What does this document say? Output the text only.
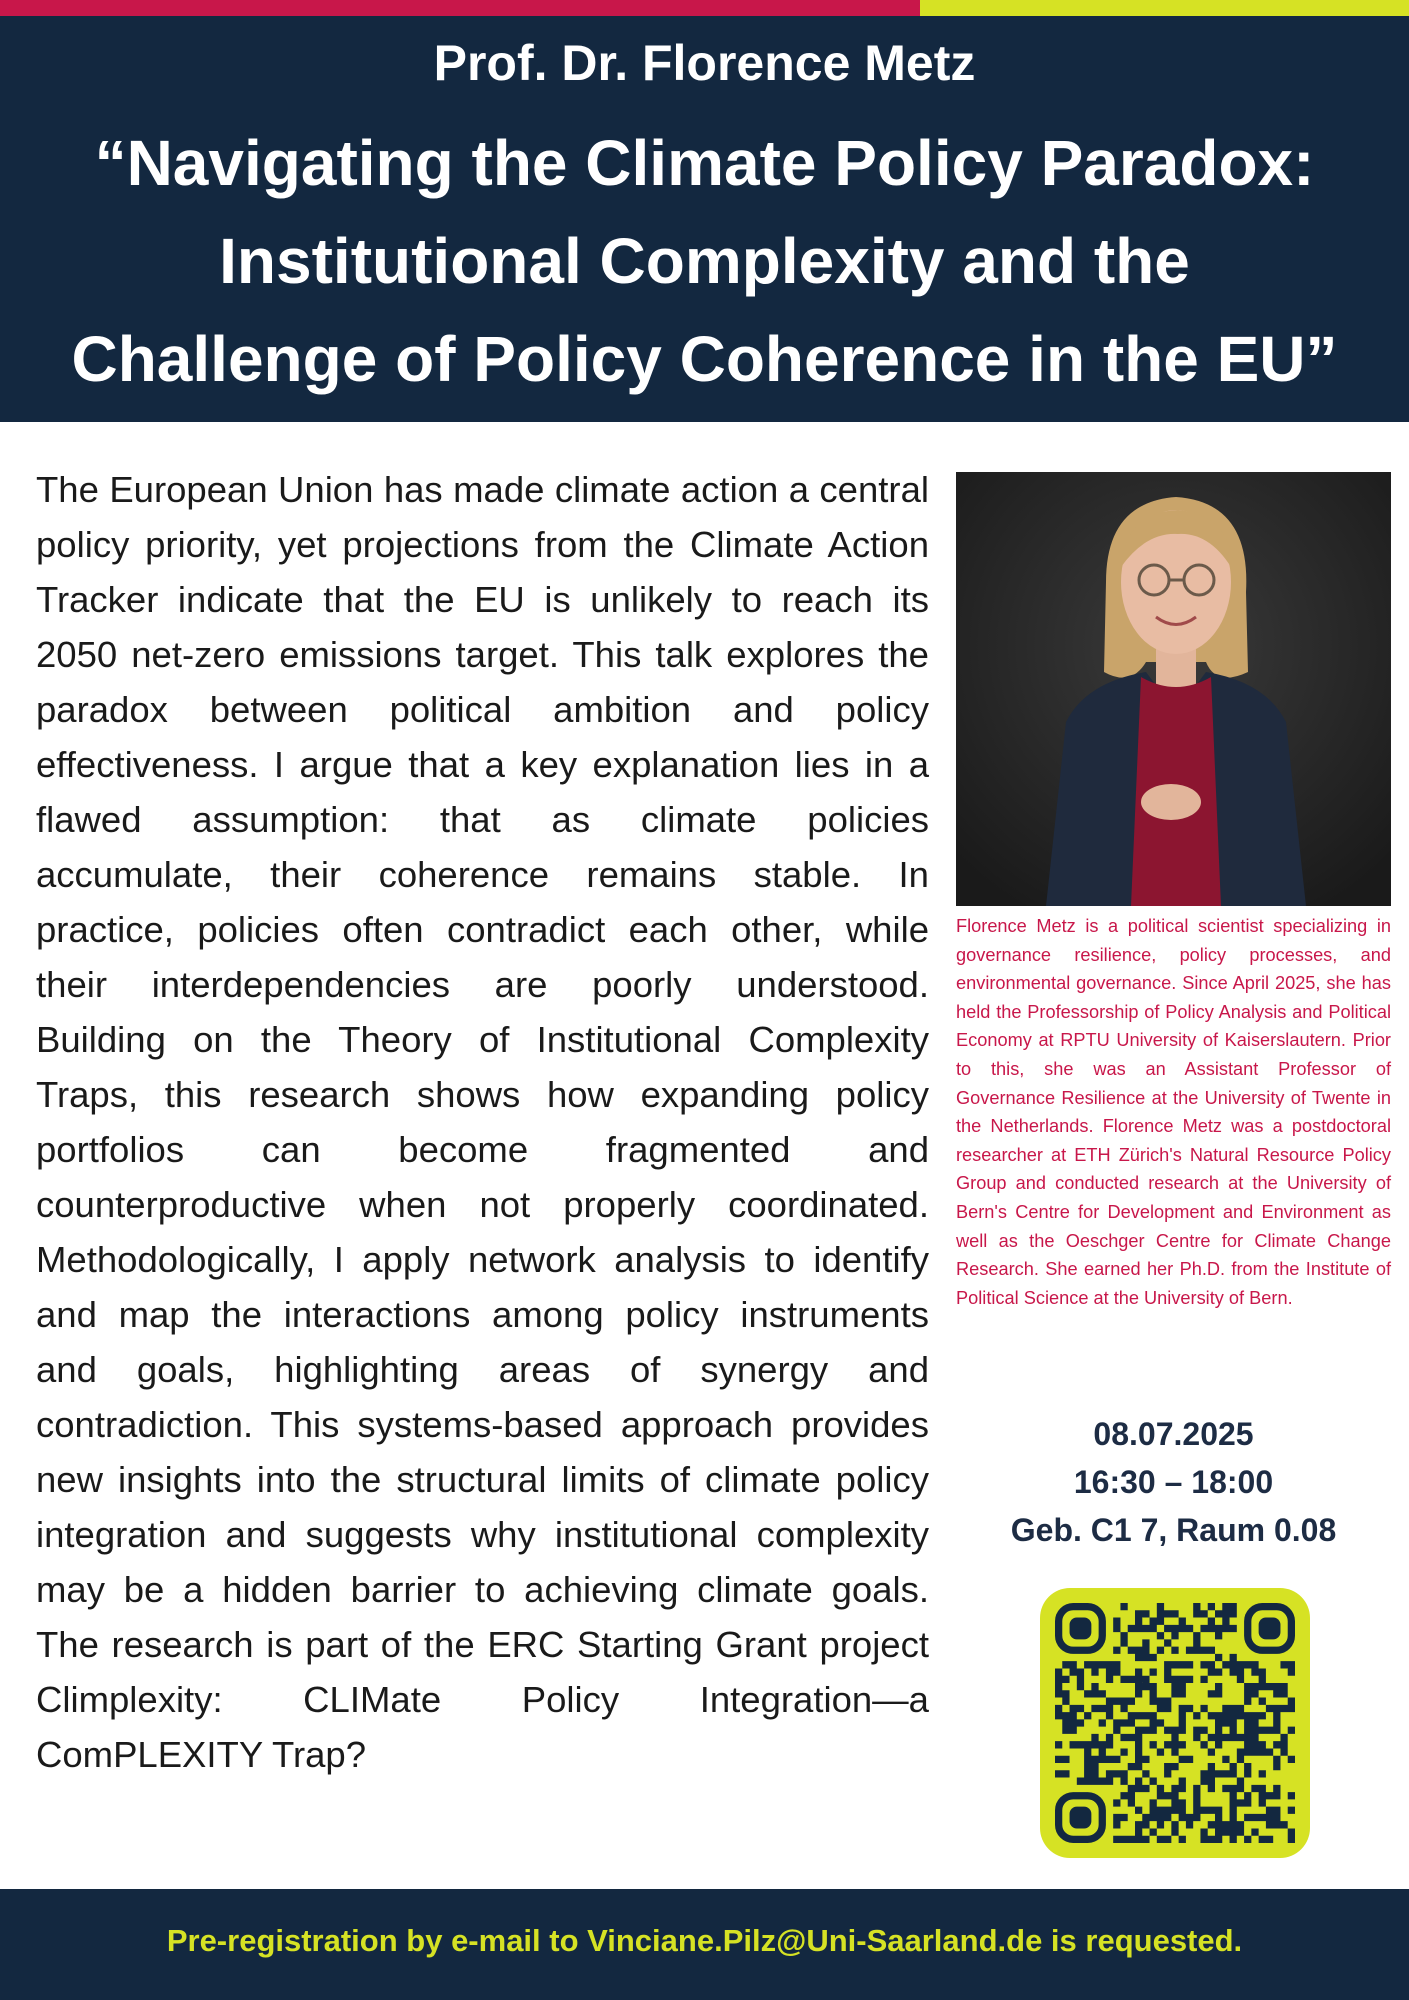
Prof. Dr. Florence Metz
“Navigating the Climate Policy Paradox:
Institutional Complexity and the
Challenge of Policy Coherence in the EU”
The European Union has made climate action a central policy priority, yet projections from the Climate Action Tracker indicate that the EU is unlikely to reach its 2050 net-zero emissions target. This talk explores the paradox between political ambition and policy effectiveness. I argue that a key explanation lies in a flawed assumption: that as climate policies accumulate, their coherence remains stable. In practice, policies often contradict each other, while their interdependencies are poorly understood. Building on the Theory of Institutional Complexity Traps, this research shows how expanding policy portfolios can become fragmented and counterproductive when not properly coordinated. Methodologically, I apply network analysis to identify and map the interactions among policy instruments and goals, highlighting areas of synergy and contradiction. This systems-based approach provides new insights into the structural limits of climate policy integration and suggests why institutional complexity may be a hidden barrier to achieving climate goals. The research is part of the ERC Starting Grant project Climplexity: CLIMate Policy Integration—a ComPLEXITY Trap?
Florence Metz is a political scientist specializing in governance resilience, policy processes, and environmental governance. Since April 2025, she has held the Professorship of Policy Analysis and Political Economy at RPTU University of Kaiserslautern. Prior to this, she was an Assistant Professor of Governance Resilience at the University of Twente in the Netherlands. Florence Metz was a postdoctoral researcher at ETH Zürich's Natural Resource Policy Group and conducted research at the University of Bern's Centre for Development and Environment as well as the Oeschger Centre for Climate Change Research. She earned her Ph.D. from the Institute of Political Science at the University of Bern.
08.07.2025
16:30 – 18:00
Geb. C1 7, Raum 0.08
Pre-registration by e-mail to Vinciane.Pilz@Uni-Saarland.de is requested.
